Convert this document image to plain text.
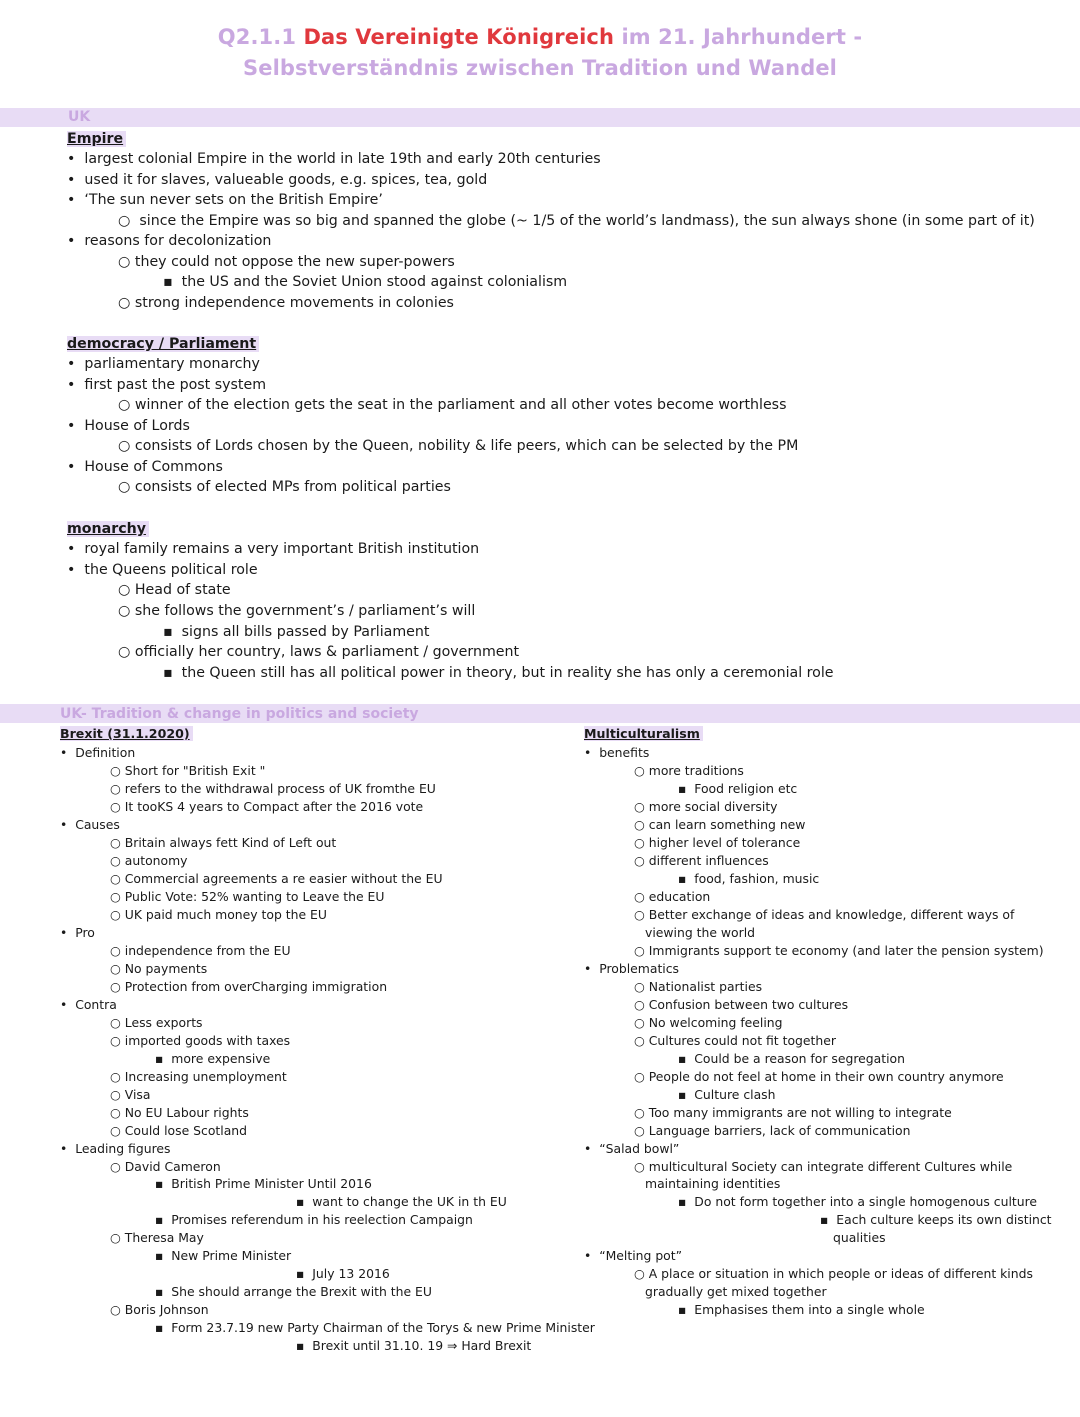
Q2.1.1 Das Vereinigte Königreich im 21. Jahrhundert -
Selbstverständnis zwischen Tradition und Wandel
UK
Empire
•  largest colonial Empire in the world in late 19th and early 20th centuries
•  used it for slaves, valueable goods, e.g. spices, tea, gold
•  ‘The sun never sets on the British Empire’
○  since the Empire was so big and spanned the globe (~ 1/5 of the world’s landmass), the sun always shone (in some part of it)
•  reasons for decolonization
○ they could not oppose the new super-powers
▪  the US and the Soviet Union stood against colonialism
○ strong independence movements in colonies
democracy / Parliament
•  parliamentary monarchy
•  first past the post system
○ winner of the election gets the seat in the parliament and all other votes become worthless
•  House of Lords
○ consists of Lords chosen by the Queen, nobility & life peers, which can be selected by the PM
•  House of Commons
○ consists of elected MPs from political parties
monarchy
•  royal family remains a very important British institution
•  the Queens political role
○ Head of state
○ she follows the government’s / parliament’s will
▪  signs all bills passed by Parliament
○ officially her country, laws & parliament / government
▪  the Queen still has all political power in theory, but in reality she has only a ceremonial role
UK- Tradition & change in politics and society
Brexit (31.1.2020)
•  Definition
○ Short for "British Exit "
○ refers to the withdrawal process of UK fromthe EU
○ It tooKS 4 years to Compact after the 2016 vote
•  Causes
○ Britain always fett Kind of Left out
○ autonomy
○ Commercial agreements a re easier without the EU
○ Public Vote: 52% wanting to Leave the EU
○ UK paid much money top the EU
•  Pro
○ independence from the EU
○ No payments
○ Protection from overCharging immigration
•  Contra
○ Less exports
○ imported goods with taxes
▪  more expensive
○ Increasing unemployment
○ Visa
○ No EU Labour rights
○ Could lose Scotland
•  Leading figures
○ David Cameron
▪  British Prime Minister Until 2016
▪  want to change the UK in th EU
▪  Promises referendum in his reelection Campaign
○ Theresa May
▪  New Prime Minister
▪  July 13 2016
▪  She should arrange the Brexit with the EU
○ Boris Johnson
▪  Form 23.7.19 new Party Chairman of the Torys & new Prime Minister
▪  Brexit until 31.10. 19 ⇒ Hard Brexit
Multiculturalism
•  benefits
○ more traditions
▪  Food religion etc
○ more social diversity
○ can learn something new
○ higher level of tolerance
○ different influences
▪  food, fashion, music
○ education
○ Better exchange of ideas and knowledge, different ways of
viewing the world
○ Immigrants support te economy (and later the pension system)
•  Problematics
○ Nationalist parties
○ Confusion between two cultures
○ No welcoming feeling
○ Cultures could not fit together
▪  Could be a reason for segregation
○ People do not feel at home in their own country anymore
▪  Culture clash
○ Too many immigrants are not willing to integrate
○ Language barriers, lack of communication
•  “Salad bowl”
○ multicultural Society can integrate different Cultures while
maintaining identities
▪  Do not form together into a single homogenous culture
▪  Each culture keeps its own distinct
qualities
•  “Melting pot”
○ A place or situation in which people or ideas of different kinds
gradually get mixed together
▪  Emphasises them into a single whole
